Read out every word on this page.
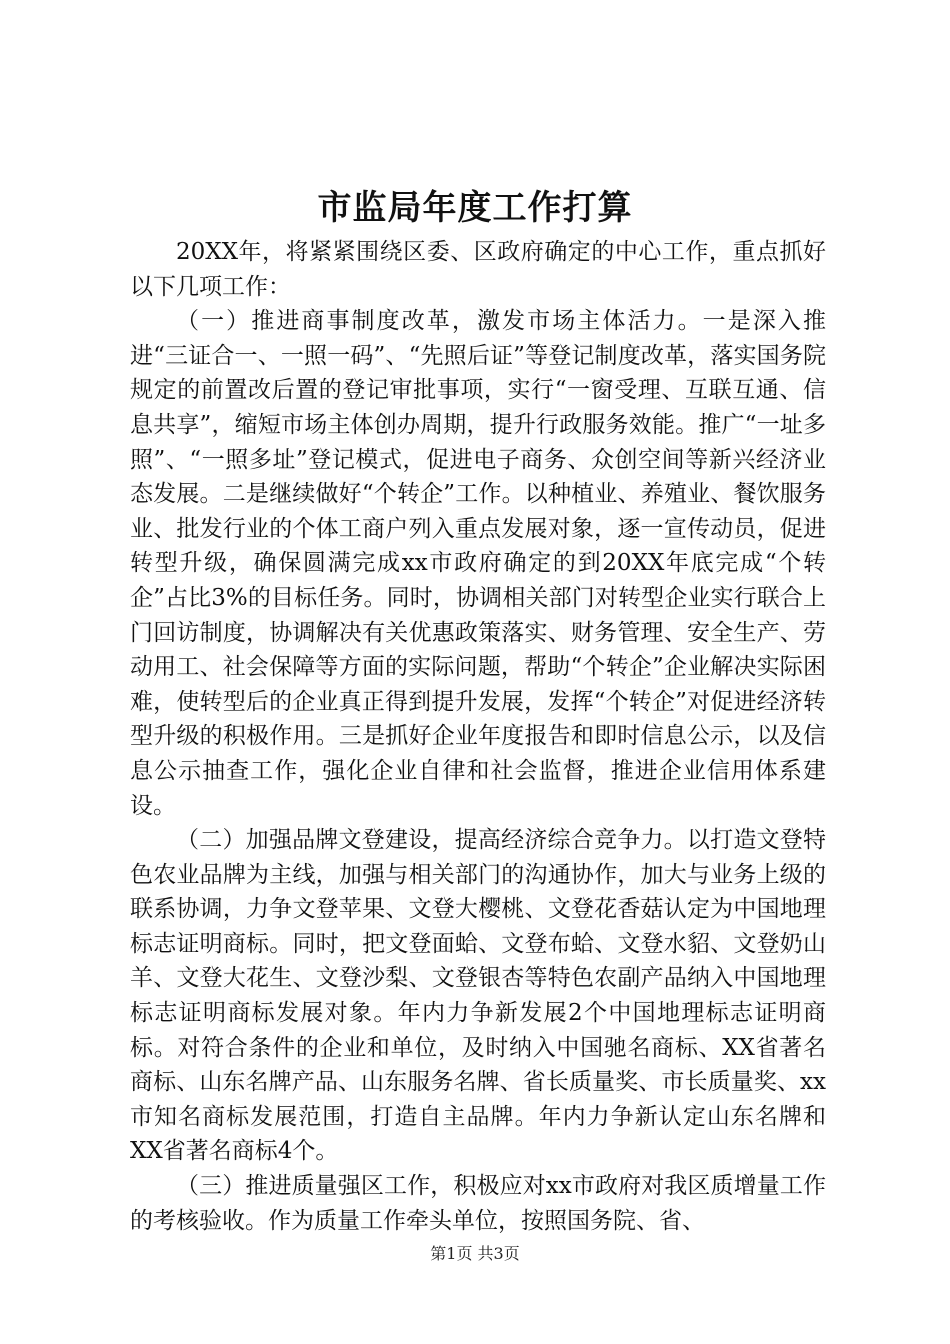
市监局年度工作打算

20XX年，将紧紧围绕区委、区政府确定的中心工作，重点抓好以下几项工作：

（一）推进商事制度改革，激发市场主体活力。一是深入推进“三证合一、一照一码”、“先照后证”等登记制度改革，落实国务院规定的前置改后置的登记审批事项，实行“一窗受理、互联互通、信息共享”，缩短市场主体创办周期，提升行政服务效能。推广“一址多照”、“一照多址”登记模式，促进电子商务、众创空间等新兴经济业态发展。二是继续做好“个转企”工作。以种植业、养殖业、餐饮服务业、批发行业的个体工商户列入重点发展对象，逐一宣传动员，促进转型升级，确保圆满完成xx市政府确定的到20XX年底完成“个转企”占比3%的目标任务。同时，协调相关部门对转型企业实行联合上门回访制度，协调解决有关优惠政策落实、财务管理、安全生产、劳动用工、社会保障等方面的实际问题，帮助“个转企”企业解决实际困难，使转型后的企业真正得到提升发展，发挥“个转企”对促进经济转型升级的积极作用。三是抓好企业年度报告和即时信息公示，以及信息公示抽查工作，强化企业自律和社会监督，推进企业信用体系建设。

（二）加强品牌文登建设，提高经济综合竞争力。以打造文登特色农业品牌为主线，加强与相关部门的沟通协作，加大与业务上级的联系协调，力争文登苹果、文登大樱桃、文登花香菇认定为中国地理标志证明商标。同时，把文登面蛤、文登布蛤、文登水貂、文登奶山羊、文登大花生、文登沙梨、文登银杏等特色农副产品纳入中国地理标志证明商标发展对象。年内力争新发展2个中国地理标志证明商标。对符合条件的企业和单位，及时纳入中国驰名商标、XX省著名商标、山东名牌产品、山东服务名牌、省长质量奖、市长质量奖、xx市知名商标发展范围，打造自主品牌。年内力争新认定山东名牌和XX省著名商标4个。

（三）推进质量强区工作，积极应对xx市政府对我区质增量工作的考核验收。作为质量工作牵头单位，按照国务院、省、

第1页 共3页
